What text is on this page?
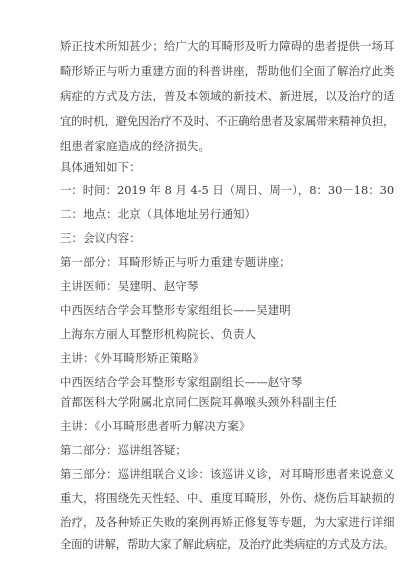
矫正技术所知甚少；给广大的耳畸形及听力障碍的患者提供一场耳
畸形矫正与听力重建方面的科普讲座，帮助他们全面了解治疗此类
病症的方式及方法，普及本领域的新技术、新进展，以及治疗的适
宜的时机，避免因治疗不及时、不正确给患者及家属带来精神负担，
组患者家庭造成的经济损失。
具体通知如下：
一：时间：2019 年 8 月 4-5 日（周日、周一），8：30－18：30
二：地点：北京（具体地址另行通知）
三：会议内容：
第一部分：耳畸形矫正与听力重建专题讲座；
主讲医师：吴建明、赵守琴
中西医结合学会耳整形专家组组长——吴建明
上海东方丽人耳整形机构院长、负责人
主讲：《外耳畸形矫正策略》
中西医结合学会耳整形专家组副组长——赵守琴
首都医科大学附属北京同仁医院耳鼻喉头颈外科副主任
主讲：《小耳畸形患者听力解决方案》
第二部分：巡讲组答疑；
第三部分：巡讲组联合义诊：该巡讲义诊，对耳畸形患者来说意义
重大，将围绕先天性轻、中、重度耳畸形，外伤、烧伤后耳缺损的
治疗，及各种矫正失败的案例再矫正修复等专题，为大家进行详细
全面的讲解，帮助大家了解此病症，及治疗此类病症的方式及方法。
